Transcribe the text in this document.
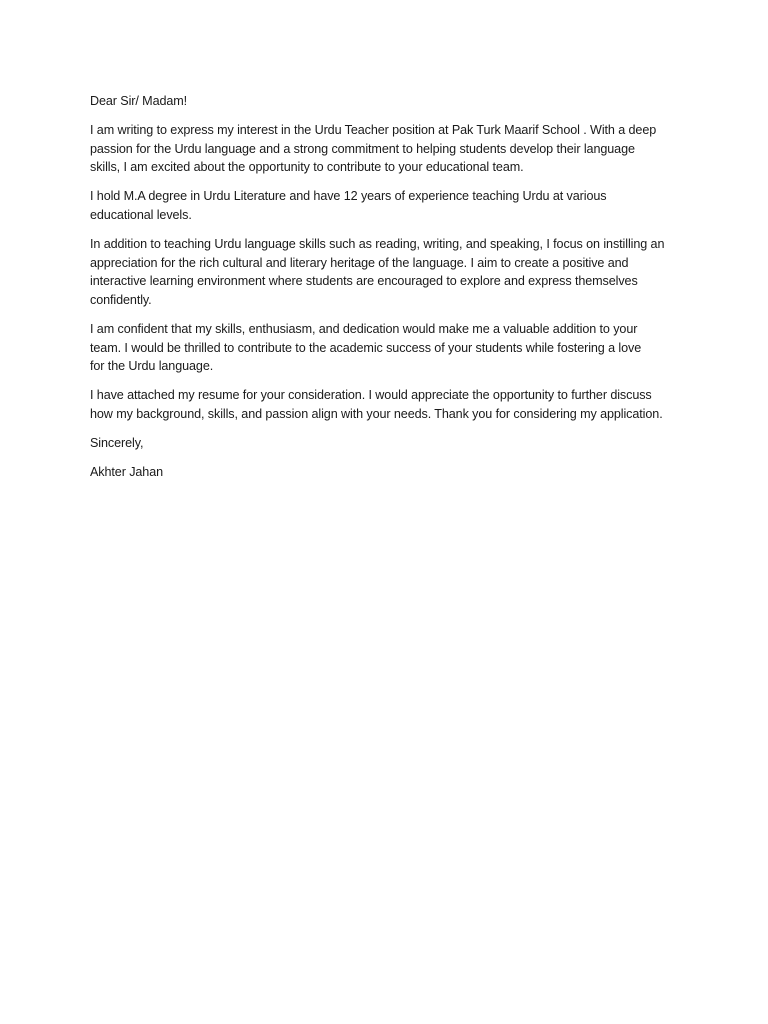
Dear Sir/ Madam!

I am writing to express my interest in the Urdu Teacher position at Pak Turk Maarif School . With a deep
passion for the Urdu language and a strong commitment to helping students develop their language
skills, I am excited about the opportunity to contribute to your educational team.

I hold M.A degree in Urdu Literature and have 12 years of experience teaching Urdu at various
educational levels.

In addition to teaching Urdu language skills such as reading, writing, and speaking, I focus on instilling an
appreciation for the rich cultural and literary heritage of the language. I aim to create a positive and
interactive learning environment where students are encouraged to explore and express themselves
confidently.

I am confident that my skills, enthusiasm, and dedication would make me a valuable addition to your
team. I would be thrilled to contribute to the academic success of your students while fostering a love
for the Urdu language.

I have attached my resume for your consideration. I would appreciate the opportunity to further discuss
how my background, skills, and passion align with your needs. Thank you for considering my application.

Sincerely,

Akhter Jahan
